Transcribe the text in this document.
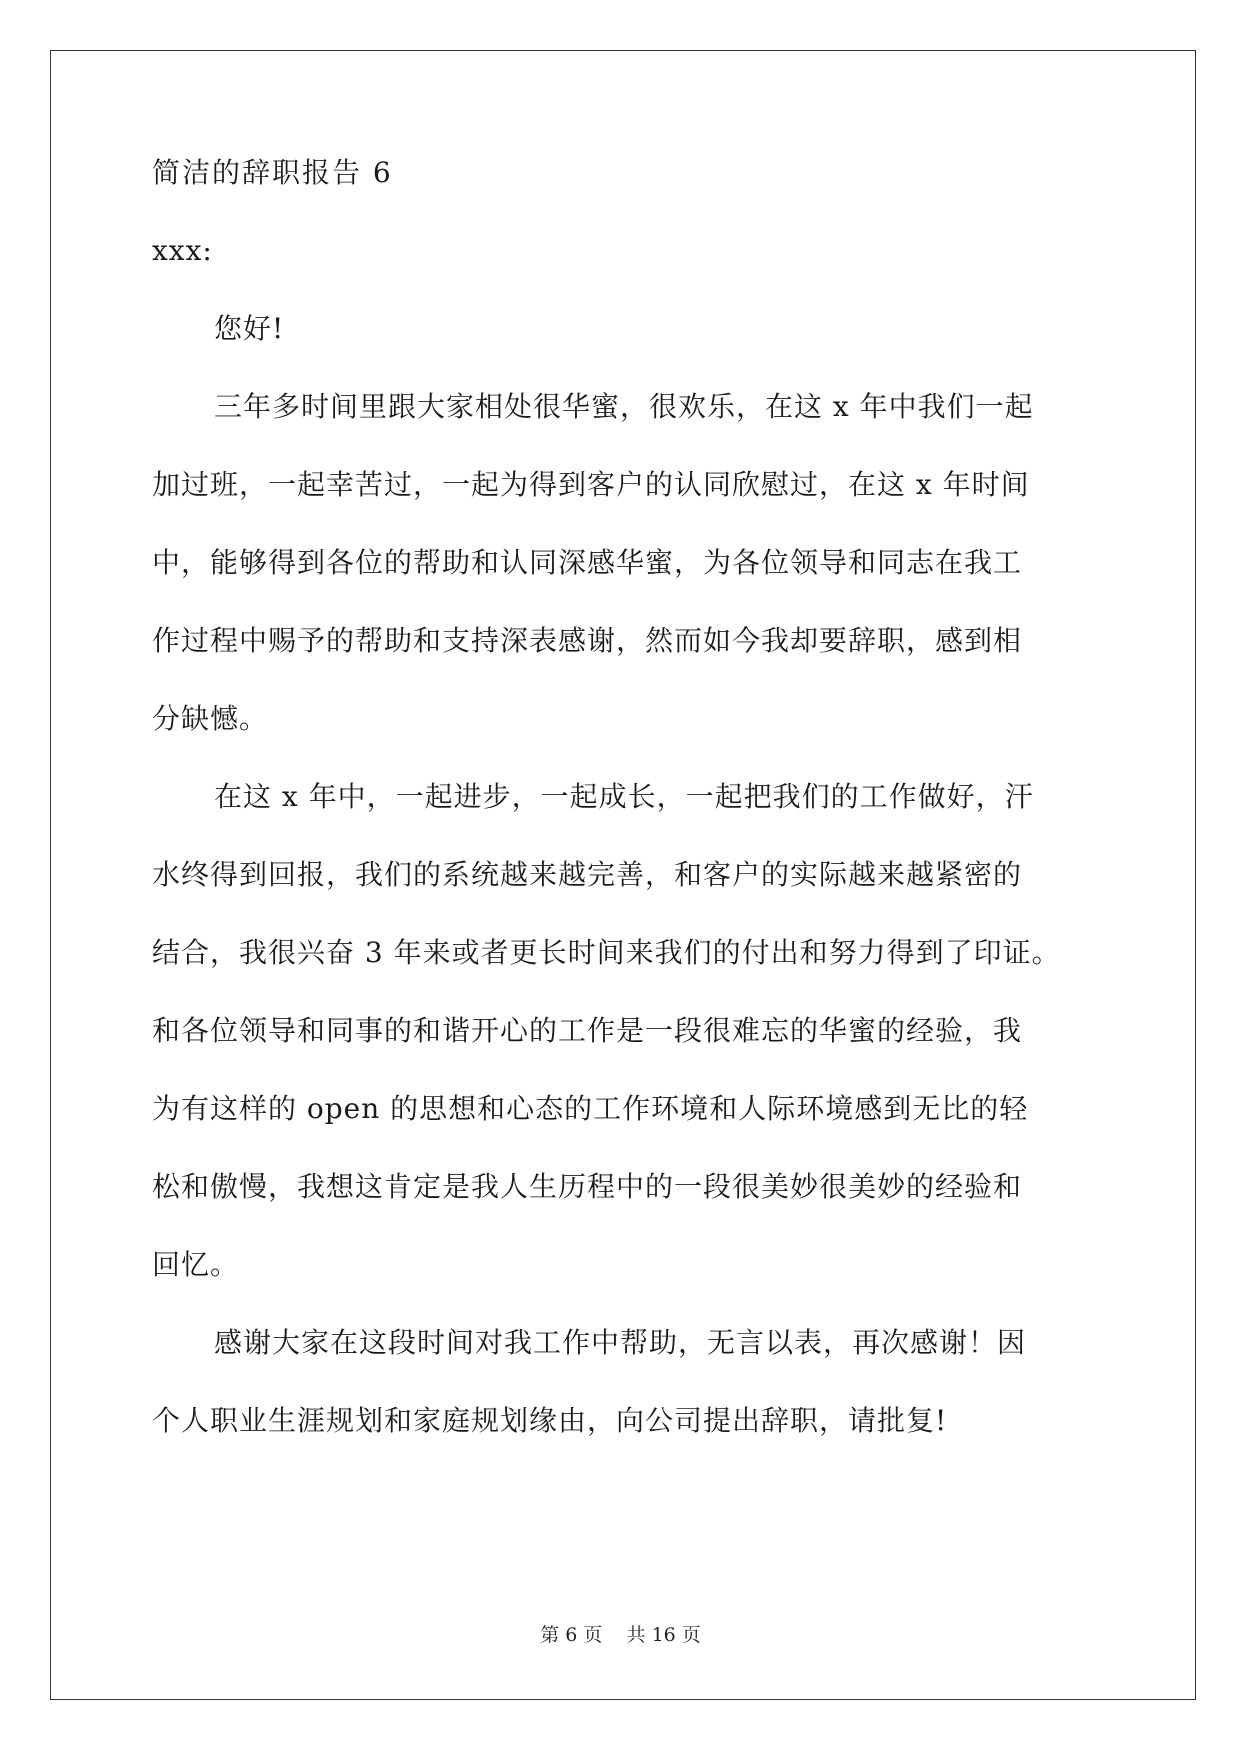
简洁的辞职报告 6

xxx:

您好!

三年多时间里跟大家相处很华蜜，很欢乐，在这 x 年中我们一起

加过班，一起幸苦过，一起为得到客户的认同欣慰过，在这 x 年时间

中，能够得到各位的帮助和认同深感华蜜，为各位领导和同志在我工

作过程中赐予的帮助和支持深表感谢，然而如今我却要辞职，感到相

分缺憾。

在这 x 年中，一起进步，一起成长，一起把我们的工作做好，汗

水终得到回报，我们的系统越来越完善，和客户的实际越来越紧密的

结合，我很兴奋 3 年来或者更长时间来我们的付出和努力得到了印证。

和各位领导和同事的和谐开心的工作是一段很难忘的华蜜的经验，我

为有这样的 open 的思想和心态的工作环境和人际环境感到无比的轻

松和傲慢，我想这肯定是我人生历程中的一段很美妙很美妙的经验和

回忆。

感谢大家在这段时间对我工作中帮助，无言以表，再次感谢！因

个人职业生涯规划和家庭规划缘由，向公司提出辞职，请批复!

第 6 页 共 16 页
